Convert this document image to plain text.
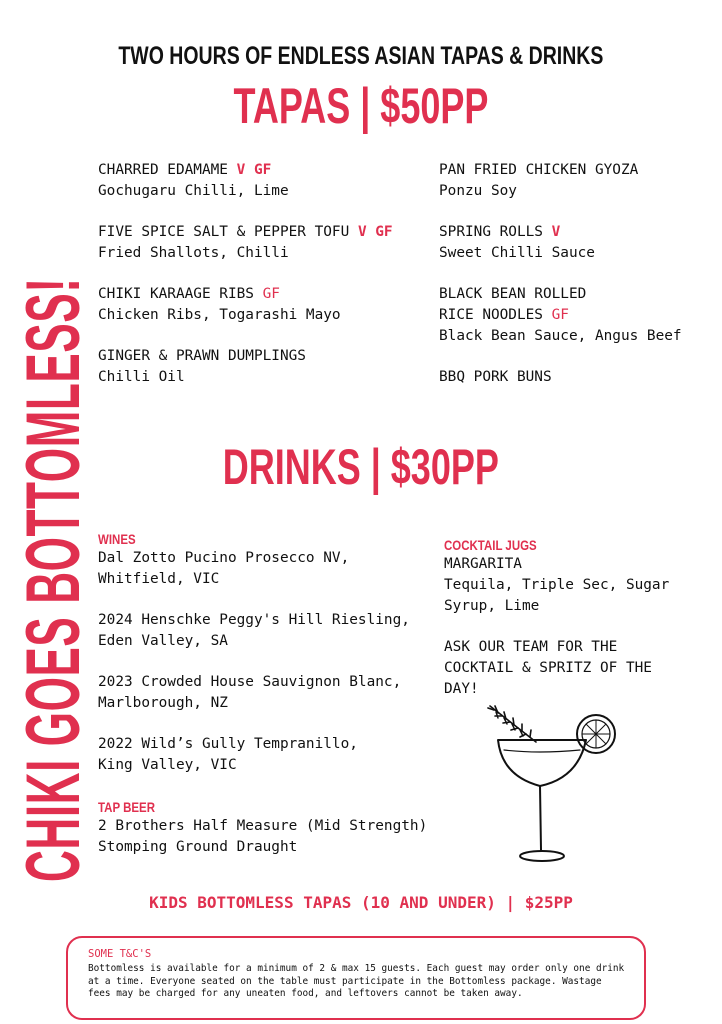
CHIKI GOES BOTTOMLESS!
TWO HOURS OF ENDLESS ASIAN TAPAS & DRINKS
TAPAS | $50PP
CHARRED EDAMAME V GF
Gochugaru Chilli, Lime
FIVE SPICE SALT & PEPPER TOFU V GF
Fried Shallots, Chilli
CHIKI KARAAGE RIBS GF
Chicken Ribs, Togarashi Mayo
GINGER & PRAWN DUMPLINGS
Chilli Oil
PAN FRIED CHICKEN GYOZA
Ponzu Soy
SPRING ROLLS V
Sweet Chilli Sauce
BLACK BEAN ROLLED
RICE NOODLES GF
Black Bean Sauce, Angus Beef
BBQ PORK BUNS
DRINKS | $30PP
WINES
Dal Zotto Pucino Prosecco NV,
Whitfield, VIC
2024 Henschke Peggy's Hill Riesling,
Eden Valley, SA
2023 Crowded House Sauvignon Blanc,
Marlborough, NZ
2022 Wild’s Gully Tempranillo,
King Valley, VIC
TAP BEER
2 Brothers Half Measure (Mid Strength)
Stomping Ground Draught
COCKTAIL JUGS
MARGARITA
Tequila, Triple Sec, Sugar
Syrup, Lime
ASK OUR TEAM FOR THE
COCKTAIL & SPRITZ OF THE
DAY!
KIDS BOTTOMLESS TAPAS (10 AND UNDER) | $25PP
SOME T&C'S
Bottomless is available for a minimum of 2 & max 15 guests. Each guest may order only one drink at a time. Everyone seated on the table must participate in the Bottomless package. Wastage fees may be charged for any uneaten food, and leftovers cannot be taken away.
